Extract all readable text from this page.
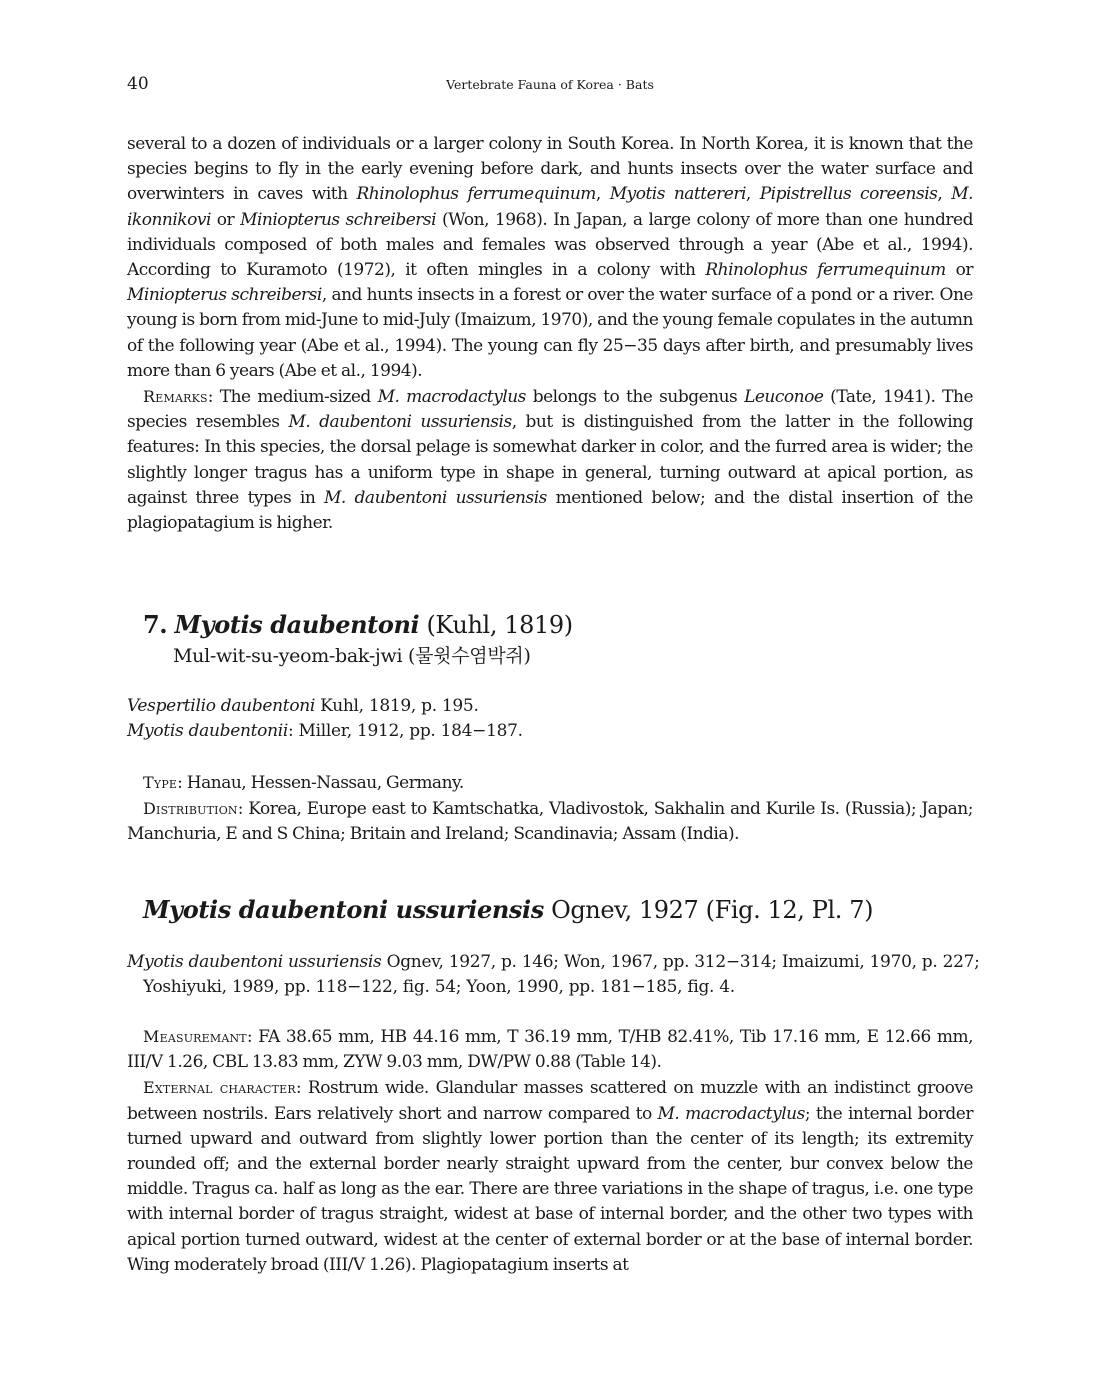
40	Vertebrate Fauna of Korea · Bats

several to a dozen of individuals or a larger colony in South Korea. In North Korea, it is known that the species begins to fly in the early evening before dark, and hunts insects over the water surface and overwinters in caves with Rhinolophus ferrumequinum, Myotis nattereri, Pipistrellus coreensis, M. ikonnikovi or Miniopterus schreibersi (Won, 1968). In Japan, a large colony of more than one hundred individuals composed of both males and females was observed through a year (Abe et al., 1994). According to Kuramoto (1972), it often mingles in a colony with Rhinolophus ferrumequinum or Miniopterus schreibersi, and hunts insects in a forest or over the water surface of a pond or a river. One young is born from mid-June to mid-July (Imaizum, 1970), and the young female copulates in the autumn of the following year (Abe et al., 1994). The young can fly 25−35 days after birth, and presumably lives more than 6 years (Abe et al., 1994).

Remarks: The medium-sized M. macrodactylus belongs to the subgenus Leuconoe (Tate, 1941). The species resembles M. daubentoni ussuriensis, but is distinguished from the latter in the following features: In this species, the dorsal pelage is somewhat darker in color, and the furred area is wider; the slightly longer tragus has a uniform type in shape in general, turning outward at apical portion, as against three types in M. daubentoni ussuriensis mentioned below; and the distal insertion of the plagiopatagium is higher.

7. Myotis daubentoni (Kuhl, 1819)
Mul-wit-su-yeom-bak-jwi (물윗수염박쥐)
Vespertilio daubentoni Kuhl, 1819, p. 195.
Myotis daubentonii: Miller, 1912, pp. 184−187.

Type: Hanau, Hessen-Nassau, Germany.

Distribution: Korea, Europe east to Kamtschatka, Vladivostok, Sakhalin and Kurile Is. (Russia); Japan; Manchuria, E and S China; Britain and Ireland; Scandinavia; Assam (India).

Myotis daubentoni ussuriensis Ognev, 1927 (Fig. 12, Pl. 7)
Myotis daubentoni ussuriensis Ognev, 1927, p. 146; Won, 1967, pp. 312−314; Imaizumi, 1970, p. 227; Yoshiyuki, 1989, pp. 118−122, fig. 54; Yoon, 1990, pp. 181−185, fig. 4.

Measuremant: FA 38.65 mm, HB 44.16 mm, T 36.19 mm, T/HB 82.41%, Tib 17.16 mm, E 12.66 mm, III/V 1.26, CBL 13.83 mm, ZYW 9.03 mm, DW/PW 0.88 (Table 14).

External character: Rostrum wide. Glandular masses scattered on muzzle with an indistinct groove between nostrils. Ears relatively short and narrow compared to M. macrodactylus; the internal border turned upward and outward from slightly lower portion than the center of its length; its extremity rounded off; and the external border nearly straight upward from the center, bur convex below the middle. Tragus ca. half as long as the ear. There are three variations in the shape of tragus, i.e. one type with internal border of tragus straight, widest at base of internal border, and the other two types with apical portion turned outward, widest at the center of external border or at the base of internal border. Wing moderately broad (III/V 1.26). Plagiopatagium inserts at
